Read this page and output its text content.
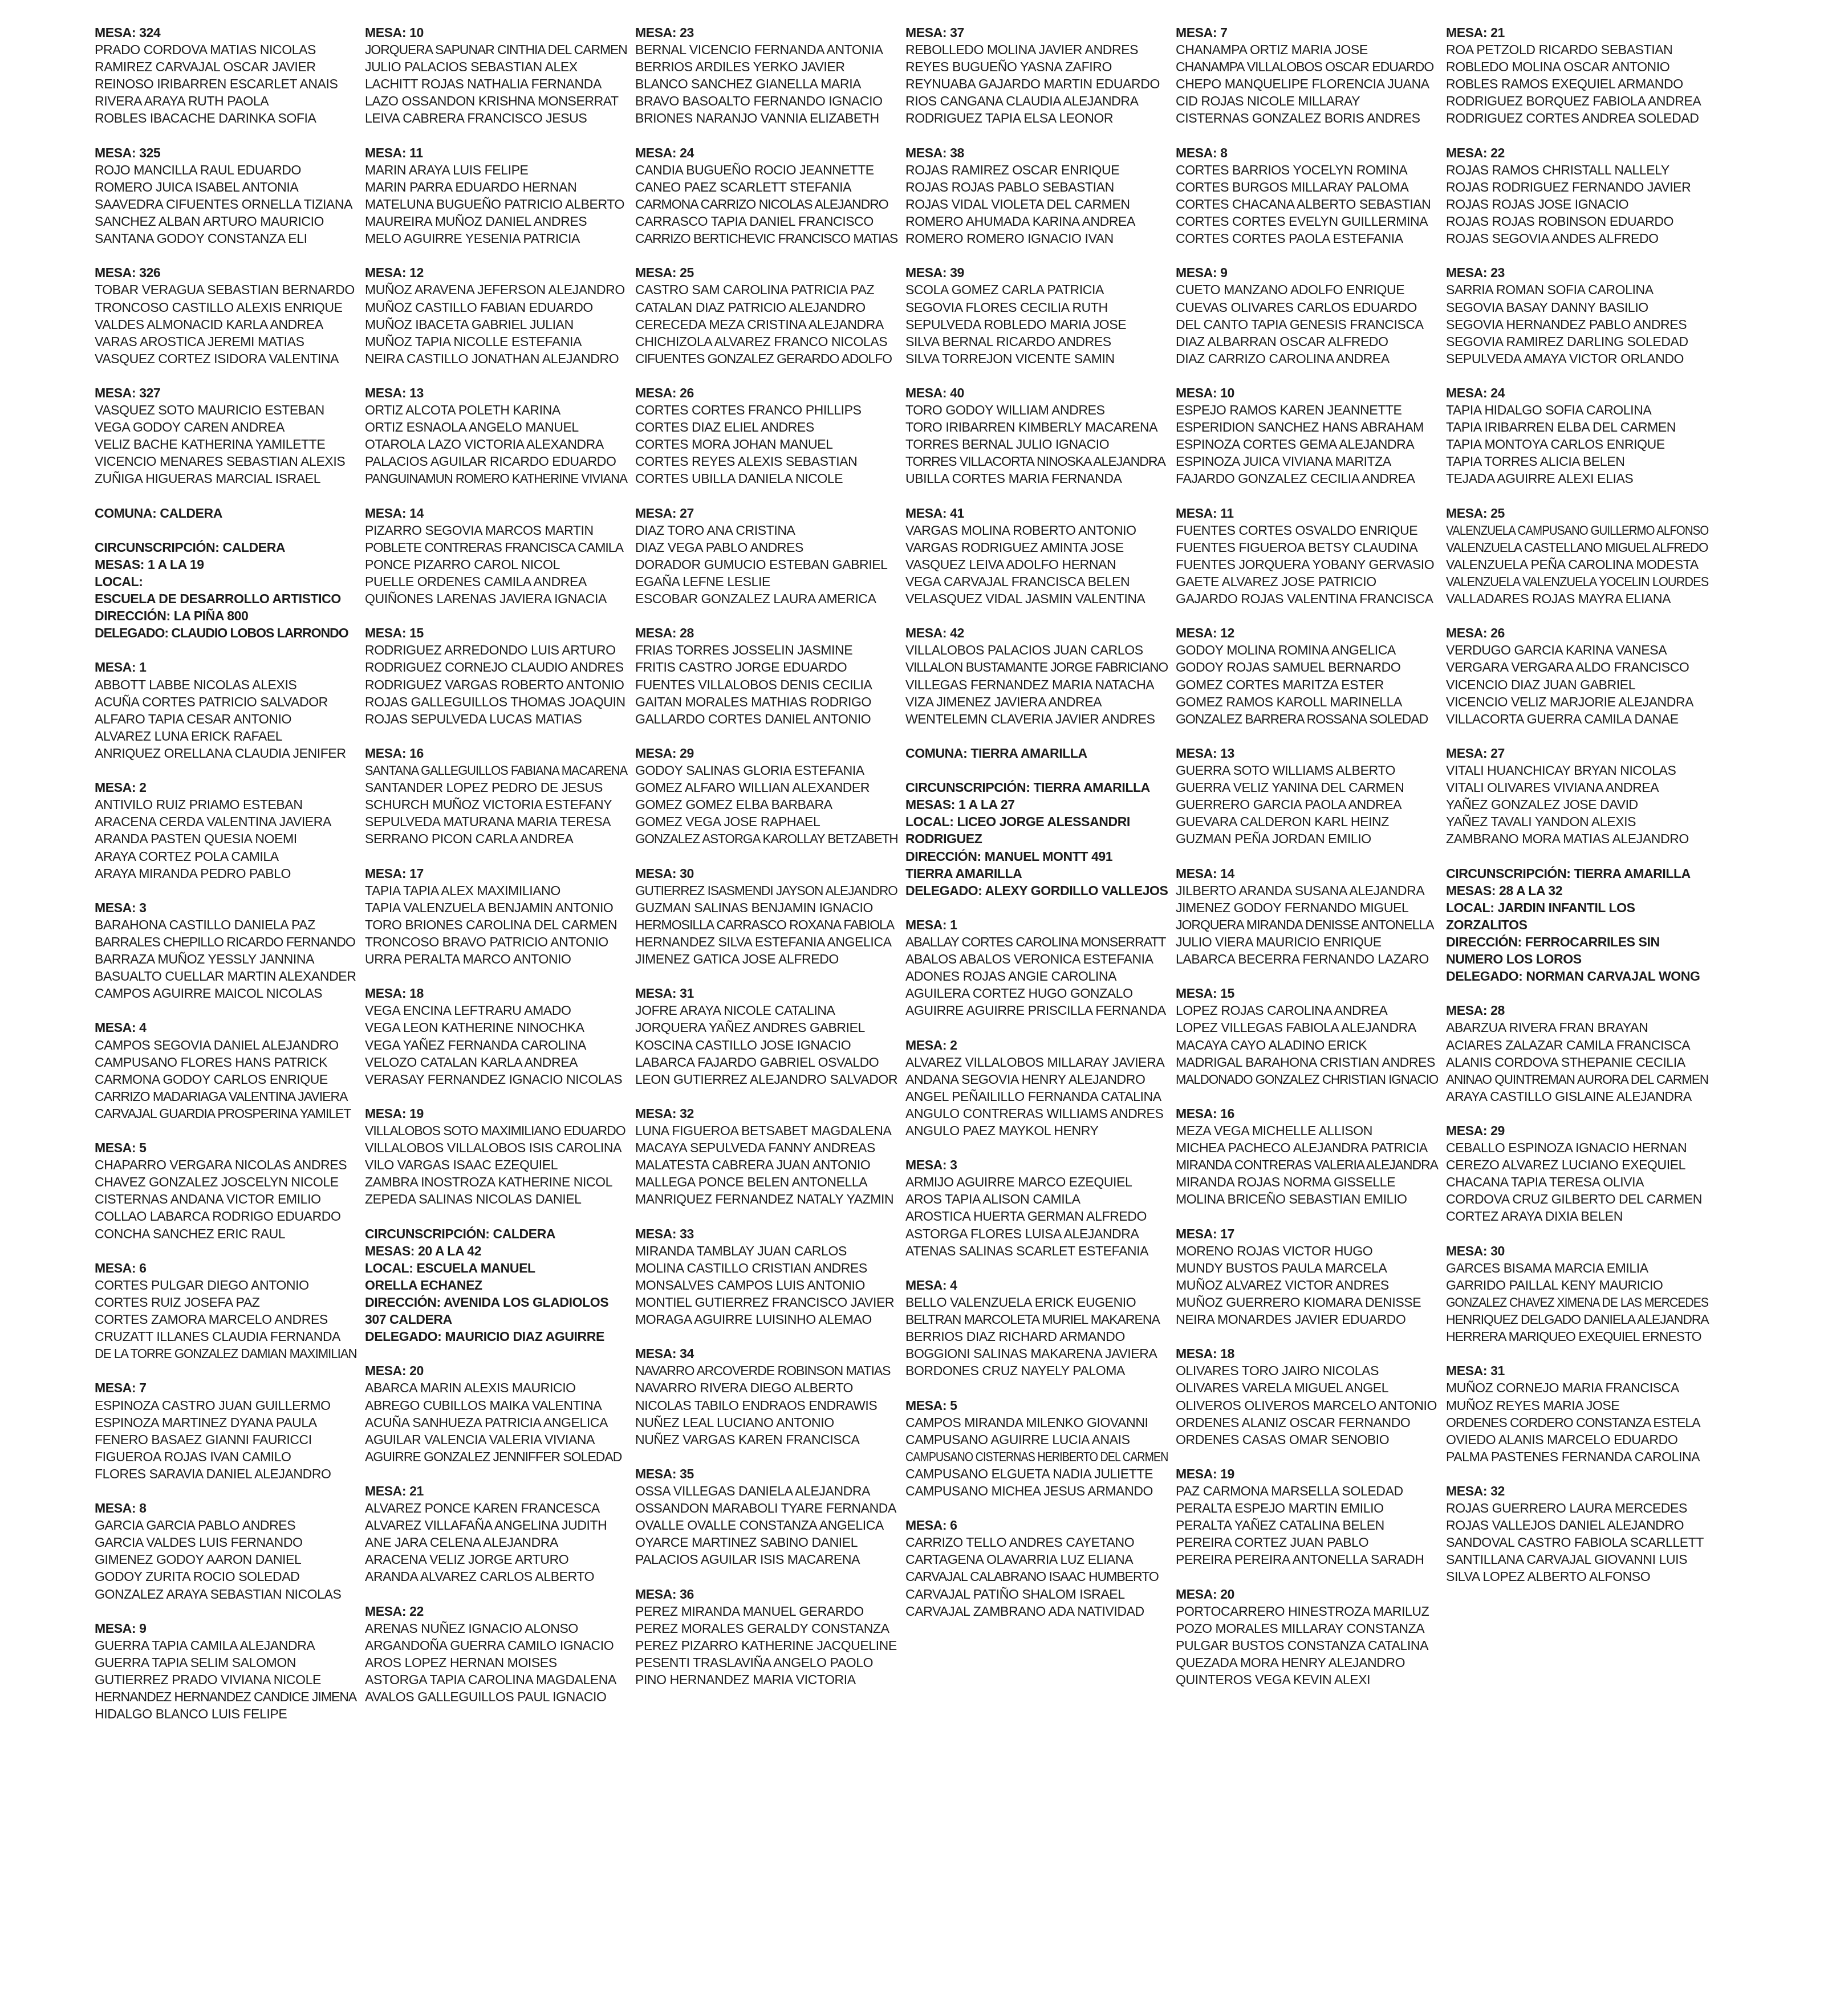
MESA: 324
PRADO CORDOVA MATIAS NICOLAS
RAMIREZ CARVAJAL OSCAR JAVIER
REINOSO IRIBARREN ESCARLET ANAIS
RIVERA ARAYA RUTH PAOLA
ROBLES IBACACHE DARINKA SOFIA
MESA: 325
ROJO MANCILLA RAUL EDUARDO
ROMERO JUICA ISABEL ANTONIA
SAAVEDRA CIFUENTES ORNELLA TIZIANA
SANCHEZ ALBAN ARTURO MAURICIO
SANTANA GODOY CONSTANZA ELI
MESA: 326
TOBAR VERAGUA SEBASTIAN BERNARDO
TRONCOSO CASTILLO ALEXIS ENRIQUE
VALDES ALMONACID KARLA ANDREA
VARAS AROSTICA JEREMI MATIAS
VASQUEZ CORTEZ ISIDORA VALENTINA
MESA: 327
VASQUEZ SOTO MAURICIO ESTEBAN
VEGA GODOY CAREN ANDREA
VELIZ BACHE KATHERINA YAMILETTE
VICENCIO MENARES SEBASTIAN ALEXIS
ZUÑIGA HIGUERAS MARCIAL ISRAEL
COMUNA: CALDERA
CIRCUNSCRIPCIÓN: CALDERA
MESAS: 1 A LA 19
LOCAL:
ESCUELA DE DESARROLLO ARTISTICO
DIRECCIÓN: LA PIÑA 800
DELEGADO: CLAUDIO LOBOS LARRONDO
MESA: 1
ABBOTT LABBE NICOLAS ALEXIS
ACUÑA CORTES PATRICIO SALVADOR
ALFARO TAPIA CESAR ANTONIO
ALVAREZ LUNA ERICK RAFAEL
ANRIQUEZ ORELLANA CLAUDIA JENIFER
MESA: 2
ANTIVILO RUIZ PRIAMO ESTEBAN
ARACENA CERDA VALENTINA JAVIERA
ARANDA PASTEN QUESIA NOEMI
ARAYA CORTEZ POLA CAMILA
ARAYA MIRANDA PEDRO PABLO
MESA: 3
BARAHONA CASTILLO DANIELA PAZ
BARRALES CHEPILLO RICARDO FERNANDO
BARRAZA MUÑOZ YESSLY JANNINA
BASUALTO CUELLAR MARTIN ALEXANDER
CAMPOS AGUIRRE MAICOL NICOLAS
MESA: 4
CAMPOS SEGOVIA DANIEL ALEJANDRO
CAMPUSANO FLORES HANS PATRICK
CARMONA GODOY CARLOS ENRIQUE
CARRIZO MADARIAGA VALENTINA JAVIERA
CARVAJAL GUARDIA PROSPERINA YAMILET
MESA: 5
CHAPARRO VERGARA NICOLAS ANDRES
CHAVEZ GONZALEZ JOSCELYN NICOLE
CISTERNAS ANDANA VICTOR EMILIO
COLLAO LABARCA RODRIGO EDUARDO
CONCHA SANCHEZ ERIC RAUL
MESA: 6
CORTES PULGAR DIEGO ANTONIO
CORTES RUIZ JOSEFA PAZ
CORTES ZAMORA MARCELO ANDRES
CRUZATT ILLANES CLAUDIA FERNANDA
DE LA TORRE GONZALEZ DAMIAN MAXIMILIAN
MESA: 7
ESPINOZA CASTRO JUAN GUILLERMO
ESPINOZA MARTINEZ DYANA PAULA
FENERO BASAEZ GIANNI FAURICCI
FIGUEROA ROJAS IVAN CAMILO
FLORES SARAVIA DANIEL ALEJANDRO
MESA: 8
GARCIA GARCIA PABLO ANDRES
GARCIA VALDES LUIS FERNANDO
GIMENEZ GODOY AARON DANIEL
GODOY ZURITA ROCIO SOLEDAD
GONZALEZ ARAYA SEBASTIAN NICOLAS
MESA: 9
GUERRA TAPIA CAMILA ALEJANDRA
GUERRA TAPIA SELIM SALOMON
GUTIERREZ PRADO VIVIANA NICOLE
HERNANDEZ HERNANDEZ CANDICE JIMENA
HIDALGO BLANCO LUIS FELIPE
MESA: 10
JORQUERA SAPUNAR CINTHIA DEL CARMEN
JULIO PALACIOS SEBASTIAN ALEX
LACHITT ROJAS NATHALIA FERNANDA
LAZO OSSANDON KRISHNA MONSERRAT
LEIVA CABRERA FRANCISCO JESUS
MESA: 11
MARIN ARAYA LUIS FELIPE
MARIN PARRA EDUARDO HERNAN
MATELUNA BUGUEÑO PATRICIO ALBERTO
MAUREIRA MUÑOZ DANIEL ANDRES
MELO AGUIRRE YESENIA PATRICIA
MESA: 12
MUÑOZ ARAVENA JEFERSON ALEJANDRO
MUÑOZ CASTILLO FABIAN EDUARDO
MUÑOZ IBACETA GABRIEL JULIAN
MUÑOZ TAPIA NICOLLE ESTEFANIA
NEIRA CASTILLO JONATHAN ALEJANDRO
MESA: 13
ORTIZ ALCOTA POLETH KARINA
ORTIZ ESNAOLA ANGELO MANUEL
OTAROLA LAZO VICTORIA ALEXANDRA
PALACIOS AGUILAR RICARDO EDUARDO
PANGUINAMUN ROMERO KATHERINE VIVIANA
MESA: 14
PIZARRO SEGOVIA MARCOS MARTIN
POBLETE CONTRERAS FRANCISCA CAMILA
PONCE PIZARRO CAROL NICOL
PUELLE ORDENES CAMILA ANDREA
QUIÑONES LARENAS JAVIERA IGNACIA
MESA: 15
RODRIGUEZ ARREDONDO LUIS ARTURO
RODRIGUEZ CORNEJO CLAUDIO ANDRES
RODRIGUEZ VARGAS ROBERTO ANTONIO
ROJAS GALLEGUILLOS THOMAS JOAQUIN
ROJAS SEPULVEDA LUCAS MATIAS
MESA: 16
SANTANA GALLEGUILLOS FABIANA MACARENA
SANTANDER LOPEZ PEDRO DE JESUS
SCHURCH MUÑOZ VICTORIA ESTEFANY
SEPULVEDA MATURANA MARIA TERESA
SERRANO PICON CARLA ANDREA
MESA: 17
TAPIA TAPIA ALEX MAXIMILIANO
TAPIA VALENZUELA BENJAMIN ANTONIO
TORO BRIONES CAROLINA DEL CARMEN
TRONCOSO BRAVO PATRICIO ANTONIO
URRA PERALTA MARCO ANTONIO
MESA: 18
VEGA ENCINA LEFTRARU AMADO
VEGA LEON KATHERINE NINOCHKA
VEGA YAÑEZ FERNANDA CAROLINA
VELOZO CATALAN KARLA ANDREA
VERASAY FERNANDEZ IGNACIO NICOLAS
MESA: 19
VILLALOBOS SOTO MAXIMILIANO EDUARDO
VILLALOBOS VILLALOBOS ISIS CAROLINA
VILO VARGAS ISAAC EZEQUIEL
ZAMBRA INOSTROZA KATHERINE NICOL
ZEPEDA SALINAS NICOLAS DANIEL
CIRCUNSCRIPCIÓN: CALDERA
MESAS: 20 A LA 42
LOCAL: ESCUELA MANUEL
ORELLA ECHANEZ
DIRECCIÓN: AVENIDA LOS GLADIOLOS
307 CALDERA
DELEGADO: MAURICIO DIAZ AGUIRRE
MESA: 20
ABARCA MARIN ALEXIS MAURICIO
ABREGO CUBILLOS MAIKA VALENTINA
ACUÑA SANHUEZA PATRICIA ANGELICA
AGUILAR VALENCIA VALERIA VIVIANA
AGUIRRE GONZALEZ JENNIFFER SOLEDAD
MESA: 21
ALVAREZ PONCE KAREN FRANCESCA
ALVAREZ VILLAFAÑA ANGELINA JUDITH
ANE JARA CELENA ALEJANDRA
ARACENA VELIZ JORGE ARTURO
ARANDA ALVAREZ CARLOS ALBERTO
MESA: 22
ARENAS NUÑEZ IGNACIO ALONSO
ARGANDOÑA GUERRA CAMILO IGNACIO
AROS LOPEZ HERNAN MOISES
ASTORGA TAPIA CAROLINA MAGDALENA
AVALOS GALLEGUILLOS PAUL IGNACIO
MESA: 23
BERNAL VICENCIO FERNANDA ANTONIA
BERRIOS ARDILES YERKO JAVIER
BLANCO SANCHEZ GIANELLA MARIA
BRAVO BASOALTO FERNANDO IGNACIO
BRIONES NARANJO VANNIA ELIZABETH
MESA: 24
CANDIA BUGUEÑO ROCIO JEANNETTE
CANEO PAEZ SCARLETT STEFANIA
CARMONA CARRIZO NICOLAS ALEJANDRO
CARRASCO TAPIA DANIEL FRANCISCO
CARRIZO BERTICHEVIC FRANCISCO MATIAS
MESA: 25
CASTRO SAM CAROLINA PATRICIA PAZ
CATALAN DIAZ PATRICIO ALEJANDRO
CERECEDA MEZA CRISTINA ALEJANDRA
CHICHIZOLA ALVAREZ FRANCO NICOLAS
CIFUENTES GONZALEZ GERARDO ADOLFO
MESA: 26
CORTES CORTES FRANCO PHILLIPS
CORTES DIAZ ELIEL ANDRES
CORTES MORA JOHAN MANUEL
CORTES REYES ALEXIS SEBASTIAN
CORTES UBILLA DANIELA NICOLE
MESA: 27
DIAZ TORO ANA CRISTINA
DIAZ VEGA PABLO ANDRES
DORADOR GUMUCIO ESTEBAN GABRIEL
EGAÑA LEFNE LESLIE
ESCOBAR GONZALEZ LAURA AMERICA
MESA: 28
FRIAS TORRES JOSSELIN JASMINE
FRITIS CASTRO JORGE EDUARDO
FUENTES VILLALOBOS DENIS CECILIA
GAITAN MORALES MATHIAS RODRIGO
GALLARDO CORTES DANIEL ANTONIO
MESA: 29
GODOY SALINAS GLORIA ESTEFANIA
GOMEZ ALFARO WILLIAN ALEXANDER
GOMEZ GOMEZ ELBA BARBARA
GOMEZ VEGA JOSE RAPHAEL
GONZALEZ ASTORGA KAROLLAY BETZABETH
MESA: 30
GUTIERREZ ISASMENDI JAYSON ALEJANDRO
GUZMAN SALINAS BENJAMIN IGNACIO
HERMOSILLA CARRASCO ROXANA FABIOLA
HERNANDEZ SILVA ESTEFANIA ANGELICA
JIMENEZ GATICA JOSE ALFREDO
MESA: 31
JOFRE ARAYA NICOLE CATALINA
JORQUERA YAÑEZ ANDRES GABRIEL
KOSCINA CASTILLO JOSE IGNACIO
LABARCA FAJARDO GABRIEL OSVALDO
LEON GUTIERREZ ALEJANDRO SALVADOR
MESA: 32
LUNA FIGUEROA BETSABET MAGDALENA
MACAYA SEPULVEDA FANNY ANDREAS
MALATESTA CABRERA JUAN ANTONIO
MALLEGA PONCE BELEN ANTONELLA
MANRIQUEZ FERNANDEZ NATALY YAZMIN
MESA: 33
MIRANDA TAMBLAY JUAN CARLOS
MOLINA CASTILLO CRISTIAN ANDRES
MONSALVES CAMPOS LUIS ANTONIO
MONTIEL GUTIERREZ FRANCISCO JAVIER
MORAGA AGUIRRE LUISINHO ALEMAO
MESA: 34
NAVARRO ARCOVERDE ROBINSON MATIAS
NAVARRO RIVERA DIEGO ALBERTO
NICOLAS TABILO ENDRAOS ENDRAWIS
NUÑEZ LEAL LUCIANO ANTONIO
NUÑEZ VARGAS KAREN FRANCISCA
MESA: 35
OSSA VILLEGAS DANIELA ALEJANDRA
OSSANDON MARABOLI TYARE FERNANDA
OVALLE OVALLE CONSTANZA ANGELICA
OYARCE MARTINEZ SABINO DANIEL
PALACIOS AGUILAR ISIS MACARENA
MESA: 36
PEREZ MIRANDA MANUEL GERARDO
PEREZ MORALES GERALDY CONSTANZA
PEREZ PIZARRO KATHERINE JACQUELINE
PESENTI TRASLAVIÑA ANGELO PAOLO
PINO HERNANDEZ MARIA VICTORIA
MESA: 37
REBOLLEDO MOLINA JAVIER ANDRES
REYES BUGUEÑO YASNA ZAFIRO
REYNUABA GAJARDO MARTIN EDUARDO
RIOS CANGANA CLAUDIA ALEJANDRA
RODRIGUEZ TAPIA ELSA LEONOR
MESA: 38
ROJAS RAMIREZ OSCAR ENRIQUE
ROJAS ROJAS PABLO SEBASTIAN
ROJAS VIDAL VIOLETA DEL CARMEN
ROMERO AHUMADA KARINA ANDREA
ROMERO ROMERO IGNACIO IVAN
MESA: 39
SCOLA GOMEZ CARLA PATRICIA
SEGOVIA FLORES CECILIA RUTH
SEPULVEDA ROBLEDO MARIA JOSE
SILVA BERNAL RICARDO ANDRES
SILVA TORREJON VICENTE SAMIN
MESA: 40
TORO GODOY WILLIAM ANDRES
TORO IRIBARREN KIMBERLY MACARENA
TORRES BERNAL JULIO IGNACIO
TORRES VILLACORTA NINOSKA ALEJANDRA
UBILLA CORTES MARIA FERNANDA
MESA: 41
VARGAS MOLINA ROBERTO ANTONIO
VARGAS RODRIGUEZ AMINTA JOSE
VASQUEZ LEIVA ADOLFO HERNAN
VEGA CARVAJAL FRANCISCA BELEN
VELASQUEZ VIDAL JASMIN VALENTINA
MESA: 42
VILLALOBOS PALACIOS JUAN CARLOS
VILLALON BUSTAMANTE JORGE FABRICIANO
VILLEGAS FERNANDEZ MARIA NATACHA
VIZA JIMENEZ JAVIERA ANDREA
WENTELEMN CLAVERIA JAVIER ANDRES
COMUNA: TIERRA AMARILLA
CIRCUNSCRIPCIÓN: TIERRA AMARILLA
MESAS: 1 A LA 27
LOCAL: LICEO JORGE ALESSANDRI
RODRIGUEZ
DIRECCIÓN: MANUEL MONTT 491
TIERRA AMARILLA
DELEGADO: ALEXY GORDILLO VALLEJOS
MESA: 1
ABALLAY CORTES CAROLINA MONSERRATT
ABALOS ABALOS VERONICA ESTEFANIA
ADONES ROJAS ANGIE CAROLINA
AGUILERA CORTEZ HUGO GONZALO
AGUIRRE AGUIRRE PRISCILLA FERNANDA
MESA: 2
ALVAREZ VILLALOBOS MILLARAY JAVIERA
ANDANA SEGOVIA HENRY ALEJANDRO
ANGEL PEÑAILILLO FERNANDA CATALINA
ANGULO CONTRERAS WILLIAMS ANDRES
ANGULO PAEZ MAYKOL HENRY
MESA: 3
ARMIJO AGUIRRE MARCO EZEQUIEL
AROS TAPIA ALISON CAMILA
AROSTICA HUERTA GERMAN ALFREDO
ASTORGA FLORES LUISA ALEJANDRA
ATENAS SALINAS SCARLET ESTEFANIA
MESA: 4
BELLO VALENZUELA ERICK EUGENIO
BELTRAN MARCOLETA MURIEL MAKARENA
BERRIOS DIAZ RICHARD ARMANDO
BOGGIONI SALINAS MAKARENA JAVIERA
BORDONES CRUZ NAYELY PALOMA
MESA: 5
CAMPOS MIRANDA MILENKO GIOVANNI
CAMPUSANO AGUIRRE LUCIA ANAIS
CAMPUSANO CISTERNAS HERIBERTO DEL CARMEN
CAMPUSANO ELGUETA NADIA JULIETTE
CAMPUSANO MICHEA JESUS ARMANDO
MESA: 6
CARRIZO TELLO ANDRES CAYETANO
CARTAGENA OLAVARRIA LUZ ELIANA
CARVAJAL CALABRANO ISAAC HUMBERTO
CARVAJAL PATIÑO SHALOM ISRAEL
CARVAJAL ZAMBRANO ADA NATIVIDAD
MESA: 7
CHANAMPA ORTIZ MARIA JOSE
CHANAMPA VILLALOBOS OSCAR EDUARDO
CHEPO MANQUELIPE FLORENCIA JUANA
CID ROJAS NICOLE MILLARAY
CISTERNAS GONZALEZ BORIS ANDRES
MESA: 8
CORTES BARRIOS YOCELYN ROMINA
CORTES BURGOS MILLARAY PALOMA
CORTES CHACANA ALBERTO SEBASTIAN
CORTES CORTES EVELYN GUILLERMINA
CORTES CORTES PAOLA ESTEFANIA
MESA: 9
CUETO MANZANO ADOLFO ENRIQUE
CUEVAS OLIVARES CARLOS EDUARDO
DEL CANTO TAPIA GENESIS FRANCISCA
DIAZ ALBARRAN OSCAR ALFREDO
DIAZ CARRIZO CAROLINA ANDREA
MESA: 10
ESPEJO RAMOS KAREN JEANNETTE
ESPERIDION SANCHEZ HANS ABRAHAM
ESPINOZA CORTES GEMA ALEJANDRA
ESPINOZA JUICA VIVIANA MARITZA
FAJARDO GONZALEZ CECILIA ANDREA
MESA: 11
FUENTES CORTES OSVALDO ENRIQUE
FUENTES FIGUEROA BETSY CLAUDINA
FUENTES JORQUERA YOBANY GERVASIO
GAETE ALVAREZ JOSE PATRICIO
GAJARDO ROJAS VALENTINA FRANCISCA
MESA: 12
GODOY MOLINA ROMINA ANGELICA
GODOY ROJAS SAMUEL BERNARDO
GOMEZ CORTES MARITZA ESTER
GOMEZ RAMOS KAROLL MARINELLA
GONZALEZ BARRERA ROSSANA SOLEDAD
MESA: 13
GUERRA SOTO WILLIAMS ALBERTO
GUERRA VELIZ YANINA DEL CARMEN
GUERRERO GARCIA PAOLA ANDREA
GUEVARA CALDERON KARL HEINZ
GUZMAN PEÑA JORDAN EMILIO
MESA: 14
JILBERTO ARANDA SUSANA ALEJANDRA
JIMENEZ GODOY FERNANDO MIGUEL
JORQUERA MIRANDA DENISSE ANTONELLA
JULIO VIERA MAURICIO ENRIQUE
LABARCA BECERRA FERNANDO LAZARO
MESA: 15
LOPEZ ROJAS CAROLINA ANDREA
LOPEZ VILLEGAS FABIOLA ALEJANDRA
MACAYA CAYO ALADINO ERICK
MADRIGAL BARAHONA CRISTIAN ANDRES
MALDONADO GONZALEZ CHRISTIAN IGNACIO
MESA: 16
MEZA VEGA MICHELLE ALLISON
MICHEA PACHECO ALEJANDRA PATRICIA
MIRANDA CONTRERAS VALERIA ALEJANDRA
MIRANDA ROJAS NORMA GISSELLE
MOLINA BRICEÑO SEBASTIAN EMILIO
MESA: 17
MORENO ROJAS VICTOR HUGO
MUNDY BUSTOS PAULA MARCELA
MUÑOZ ALVAREZ VICTOR ANDRES
MUÑOZ GUERRERO KIOMARA DENISSE
NEIRA MONARDES JAVIER EDUARDO
MESA: 18
OLIVARES TORO JAIRO NICOLAS
OLIVARES VARELA MIGUEL ANGEL
OLIVEROS OLIVEROS MARCELO ANTONIO
ORDENES ALANIZ OSCAR FERNANDO
ORDENES CASAS OMAR SENOBIO
MESA: 19
PAZ CARMONA MARSELLA SOLEDAD
PERALTA ESPEJO MARTIN EMILIO
PERALTA YAÑEZ CATALINA BELEN
PEREIRA CORTEZ JUAN PABLO
PEREIRA PEREIRA ANTONELLA SARADH
MESA: 20
PORTOCARRERO HINESTROZA MARILUZ
POZO MORALES MILLARAY CONSTANZA
PULGAR BUSTOS CONSTANZA CATALINA
QUEZADA MORA HENRY ALEJANDRO
QUINTEROS VEGA KEVIN ALEXI
MESA: 21
ROA PETZOLD RICARDO SEBASTIAN
ROBLEDO MOLINA OSCAR ANTONIO
ROBLES RAMOS EXEQUIEL ARMANDO
RODRIGUEZ BORQUEZ FABIOLA ANDREA
RODRIGUEZ CORTES ANDREA SOLEDAD
MESA: 22
ROJAS RAMOS CHRISTALL NALLELY
ROJAS RODRIGUEZ FERNANDO JAVIER
ROJAS ROJAS JOSE IGNACIO
ROJAS ROJAS ROBINSON EDUARDO
ROJAS SEGOVIA ANDES ALFREDO
MESA: 23
SARRIA ROMAN SOFIA CAROLINA
SEGOVIA BASAY DANNY BASILIO
SEGOVIA HERNANDEZ PABLO ANDRES
SEGOVIA RAMIREZ DARLING SOLEDAD
SEPULVEDA AMAYA VICTOR ORLANDO
MESA: 24
TAPIA HIDALGO SOFIA CAROLINA
TAPIA IRIBARREN ELBA DEL CARMEN
TAPIA MONTOYA CARLOS ENRIQUE
TAPIA TORRES ALICIA BELEN
TEJADA AGUIRRE ALEXI ELIAS
MESA: 25
VALENZUELA CAMPUSANO GUILLERMO ALFONSO
VALENZUELA CASTELLANO MIGUEL ALFREDO
VALENZUELA PEÑA CAROLINA MODESTA
VALENZUELA VALENZUELA YOCELIN LOURDES
VALLADARES ROJAS MAYRA ELIANA
MESA: 26
VERDUGO GARCIA KARINA VANESA
VERGARA VERGARA ALDO FRANCISCO
VICENCIO DIAZ JUAN GABRIEL
VICENCIO VELIZ MARJORIE ALEJANDRA
VILLACORTA GUERRA CAMILA DANAE
MESA: 27
VITALI HUANCHICAY BRYAN NICOLAS
VITALI OLIVARES VIVIANA ANDREA
YAÑEZ GONZALEZ JOSE DAVID
YAÑEZ TAVALI YANDON ALEXIS
ZAMBRANO MORA MATIAS ALEJANDRO
CIRCUNSCRIPCIÓN: TIERRA AMARILLA
MESAS: 28 A LA 32
LOCAL: JARDIN INFANTIL LOS
ZORZALITOS
DIRECCIÓN: FERROCARRILES SIN
NUMERO LOS LOROS
DELEGADO: NORMAN CARVAJAL WONG
MESA: 28
ABARZUA RIVERA FRAN BRAYAN
ACIARES ZALAZAR CAMILA FRANCISCA
ALANIS CORDOVA STHEPANIE CECILIA
ANINAO QUINTREMAN AURORA DEL CARMEN
ARAYA CASTILLO GISLAINE ALEJANDRA
MESA: 29
CEBALLO ESPINOZA IGNACIO HERNAN
CEREZO ALVAREZ LUCIANO EXEQUIEL
CHACANA TAPIA TERESA OLIVIA
CORDOVA CRUZ GILBERTO DEL CARMEN
CORTEZ ARAYA DIXIA BELEN
MESA: 30
GARCES BISAMA MARCIA EMILIA
GARRIDO PAILLAL KENY MAURICIO
GONZALEZ CHAVEZ XIMENA DE LAS MERCEDES
HENRIQUEZ DELGADO DANIELA ALEJANDRA
HERRERA MARIQUEO EXEQUIEL ERNESTO
MESA: 31
MUÑOZ CORNEJO MARIA FRANCISCA
MUÑOZ REYES MARIA JOSE
ORDENES CORDERO CONSTANZA ESTELA
OVIEDO ALANIS MARCELO EDUARDO
PALMA PASTENES FERNANDA CAROLINA
MESA: 32
ROJAS GUERRERO LAURA MERCEDES
ROJAS VALLEJOS DANIEL ALEJANDRO
SANDOVAL CASTRO FABIOLA SCARLLETT
SANTILLANA CARVAJAL GIOVANNI LUIS
SILVA LOPEZ ALBERTO ALFONSO
